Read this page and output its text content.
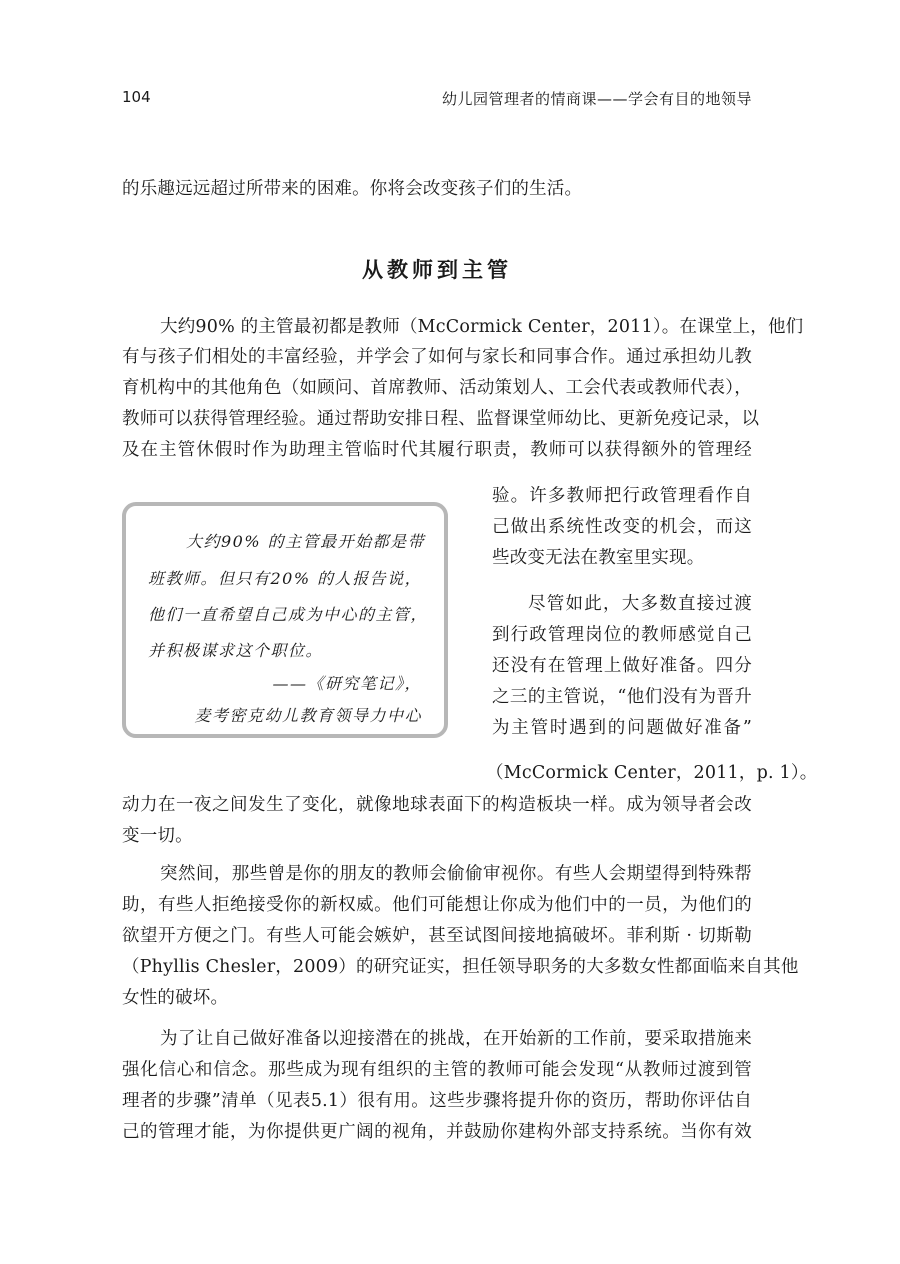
104	幼儿园管理者的情商课——学会有目的地领导
的乐趣远远超过所带来的困难。你将会改变孩子们的生活。
从教师到主管
大约90% 的主管最初都是教师（McCormick Center，2011）。在课堂上，他们
有与孩子们相处的丰富经验，并学会了如何与家长和同事合作。通过承担幼儿教
育机构中的其他角色（如顾问、首席教师、活动策划人、工会代表或教师代表），
教师可以获得管理经验。通过帮助安排日程、监督课堂师幼比、更新免疫记录，以
及在主管休假时作为助理主管临时代其履行职责，教师可以获得额外的管理经
验。许多教师把行政管理看作自
己做出系统性改变的机会，而这
些改变无法在教室里实现。
尽管如此，大多数直接过渡
到行政管理岗位的教师感觉自己
还没有在管理上做好准备。四分
之三的主管说，“他们没有为晋升
为主管时遇到的问题做好准备”
（McCormick Center，2011，p. 1）。
大约90% 的主管最开始都是带
班教师。但只有20% 的人报告说，
他们一直希望自己成为中心的主管，
并积极谋求这个职位。
——《研究笔记》，
麦考密克幼儿教育领导力中心
动力在一夜之间发生了变化，就像地球表面下的构造板块一样。成为领导者会改
变一切。
突然间，那些曾是你的朋友的教师会偷偷审视你。有些人会期望得到特殊帮
助，有些人拒绝接受你的新权威。他们可能想让你成为他们中的一员，为他们的
欲望开方便之门。有些人可能会嫉妒，甚至试图间接地搞破坏。菲利斯 · 切斯勒
（Phyllis Chesler，2009）的研究证实，担任领导职务的大多数女性都面临来自其他
女性的破坏。
为了让自己做好准备以迎接潜在的挑战，在开始新的工作前，要采取措施来
强化信心和信念。那些成为现有组织的主管的教师可能会发现“从教师过渡到管
理者的步骤”清单（见表5.1）很有用。这些步骤将提升你的资历，帮助你评估自
己的管理才能，为你提供更广阔的视角，并鼓励你建构外部支持系统。当你有效
